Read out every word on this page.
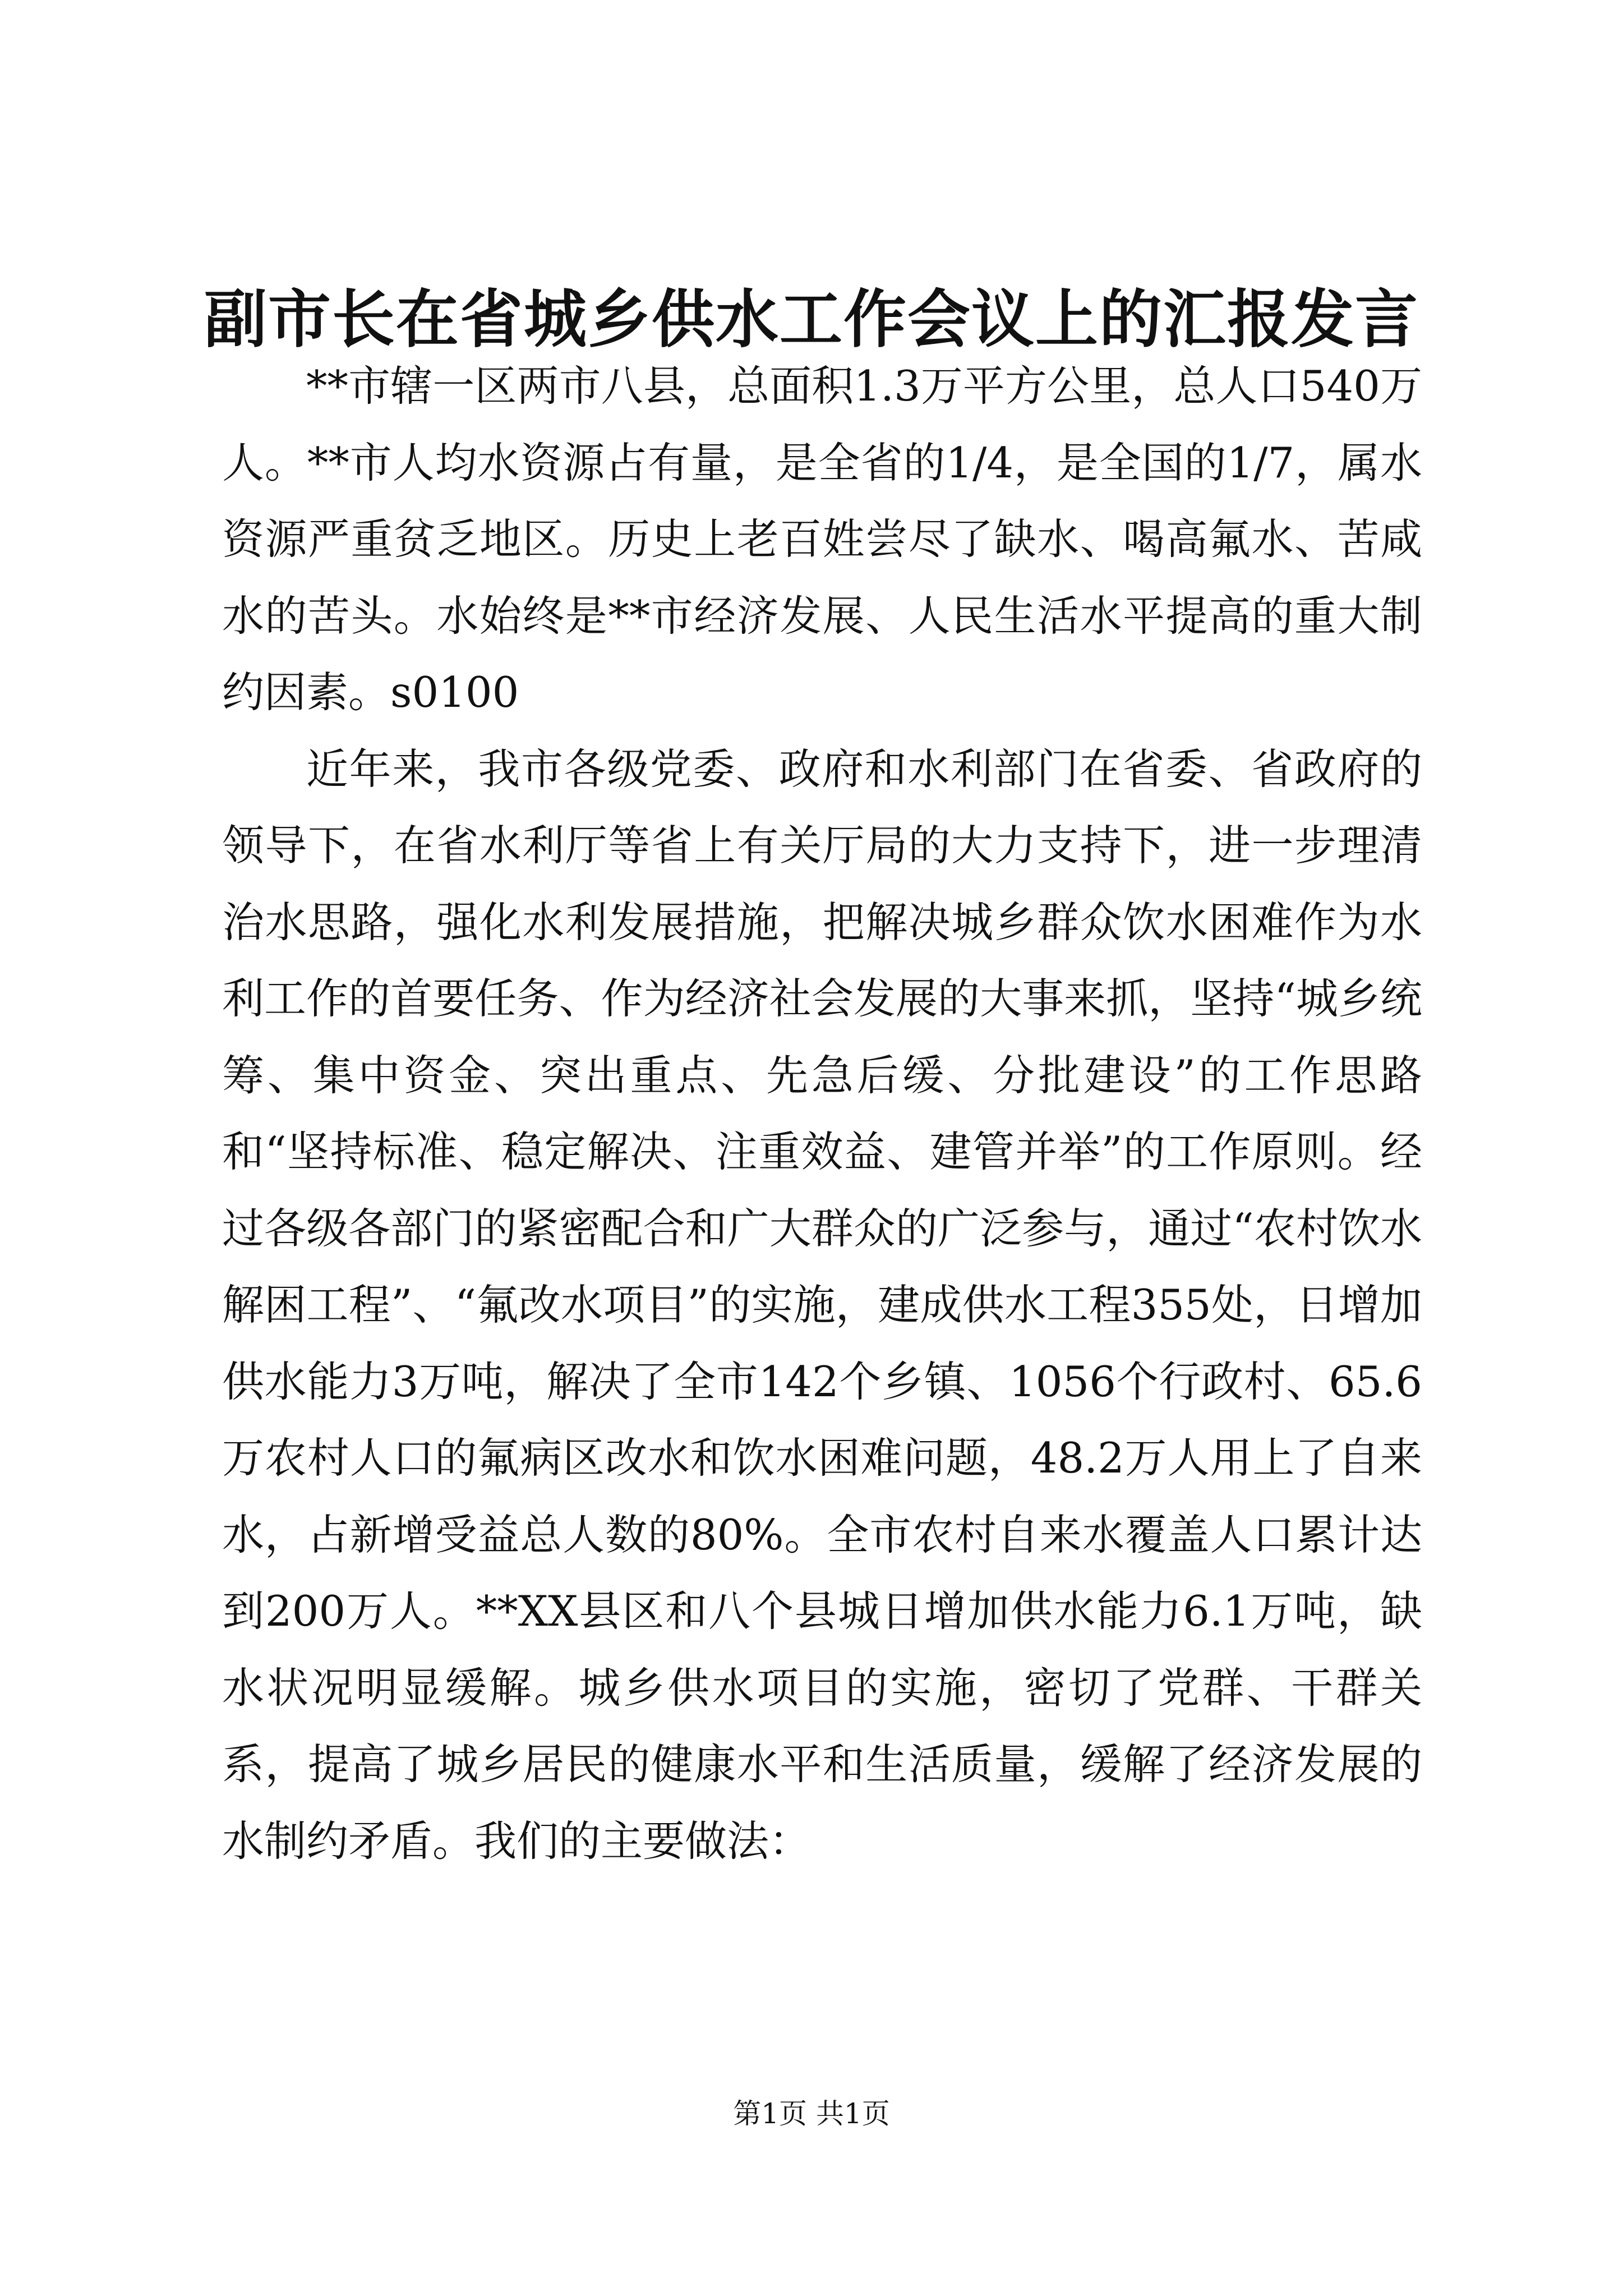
副市长在省城乡供水工作会议上的汇报发言

**市辖一区两市八县，总面积1.3万平方公里，总人口540万人。**市人均水资源占有量，是全省的1/4，是全国的1/7，属水资源严重贫乏地区。历史上老百姓尝尽了缺水、喝高氟水、苦咸水的苦头。水始终是**市经济发展、人民生活水平提高的重大制约因素。s0100

近年来，我市各级党委、政府和水利部门在省委、省政府的领导下，在省水利厅等省上有关厅局的大力支持下，进一步理清治水思路，强化水利发展措施，把解决城乡群众饮水困难作为水利工作的首要任务、作为经济社会发展的大事来抓，坚持“城乡统筹、集中资金、突出重点、先急后缓、分批建设”的工作思路和“坚持标准、稳定解决、注重效益、建管并举”的工作原则。经过各级各部门的紧密配合和广大群众的广泛参与，通过“农村饮水解困工程”、“氟改水项目”的实施，建成供水工程355处，日增加供水能力3万吨，解决了全市142个乡镇、1056个行政村、65.6万农村人口的氟病区改水和饮水困难问题，48.2万人用上了自来水，占新增受益总人数的80%。全市农村自来水覆盖人口累计达到200万人。**XX县区和八个县城日增加供水能力6.1万吨，缺水状况明显缓解。城乡供水项目的实施，密切了党群、干群关系，提高了城乡居民的健康水平和生活质量，缓解了经济发展的水制约矛盾。我们的主要做法：

第1页 共1页
